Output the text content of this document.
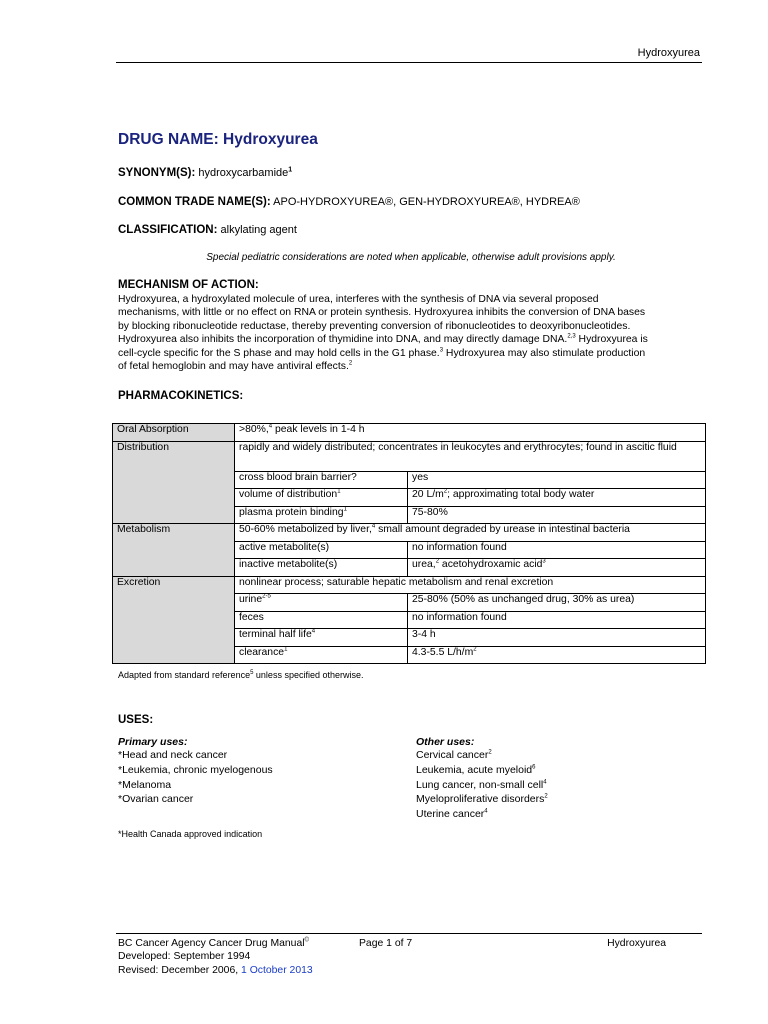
Hydroxyurea
DRUG NAME: Hydroxyurea
SYNONYM(S): hydroxycarbamide$^1$
COMMON TRADE NAME(S): APO-HYDROXYUREA®, GEN-HYDROXYUREA®, HYDREA®
CLASSIFICATION: alkylating agent
Special pediatric considerations are noted when applicable, otherwise adult provisions apply.
MECHANISM OF ACTION:
Hydroxyurea, a hydroxylated molecule of urea, interferes with the synthesis of DNA via several proposed
mechanisms, with little or no effect on RNA or protein synthesis. Hydroxyurea inhibits the conversion of DNA bases
by blocking ribonucleotide reductase, thereby preventing conversion of ribonucleotides to deoxyribonucleotides.
Hydroxyurea also inhibits the incorporation of thymidine into DNA, and may directly damage DNA.$^{2,3}$ Hydroxyurea is
cell-cycle specific for the S phase and may hold cells in the G1 phase.$^3$ Hydroxyurea may also stimulate production
of fetal hemoglobin and may have antiviral effects.$^2$
PHARMACOKINETICS:
Oral Absorption	>80%,$^4$ peak levels in 1-4 h	
Distribution	rapidly and widely distributed; concentrates in leukocytes and erythrocytes; found in ascitic fluid	
	cross blood brain barrier?	yes
	volume of distribution$^1$	20 $L/m^2$; approximating total body water
	plasma protein binding$^1$	75-80%
Metabolism	50-60% metabolized by liver,$^4$ small amount degraded by urease in intestinal bacteria	
	active metabolite(s)	no information found
	inactive metabolite(s)	urea,$^2$ acetohydroxamic acid$^3$
Excretion	nonlinear process; saturable hepatic metabolism and renal excretion	
	urine$^{2-5}$	25-80% (50% as unchanged drug, 30% as urea)
	feces	no information found
	terminal half life$^4$	3-4 h
	clearance$^1$	4.3-5.5 $L/h/m^2$
Adapted from standard reference$^5$ unless specified otherwise.
USES:
Primary uses:
*Head and neck cancer
*Leukemia, chronic myelogenous
*Melanoma
*Ovarian cancer
Other uses:
Cervical cancer$^2$
Leukemia, acute myeloid$^6$
Lung cancer, non-small cell$^4$
Myeloproliferative disorders$^2$
Uterine cancer$^4$
*Health Canada approved indication
BC Cancer Agency Cancer Drug Manual©
Developed: September 1994
Revised: December 2006, 1 October 2013
Page 1 of 7	Hydroxyurea
